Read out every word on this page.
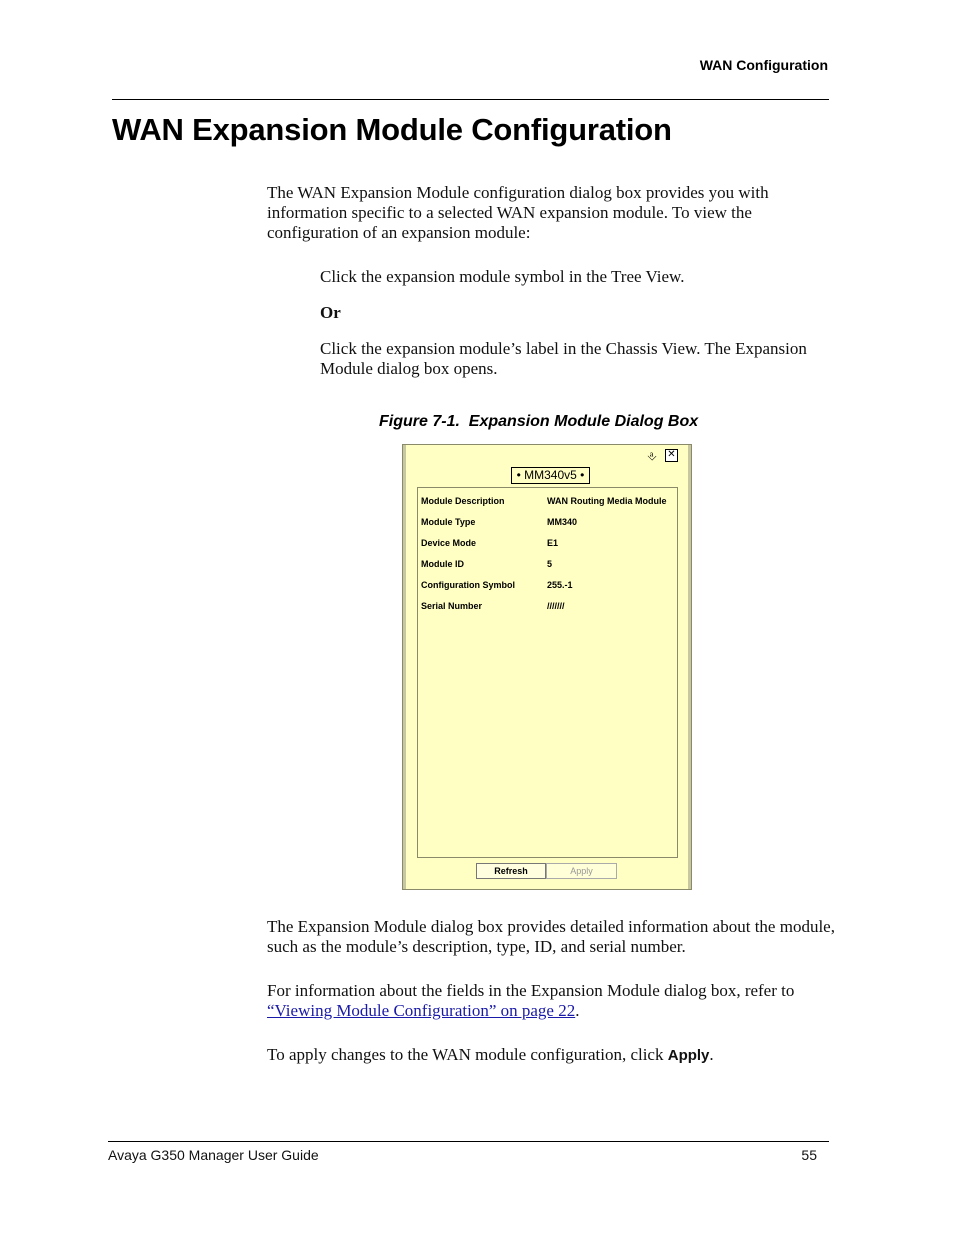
WAN Configuration
WAN Expansion Module Configuration

The WAN Expansion Module configuration dialog box provides you with information specific to a selected WAN expansion module. To view the configuration of an expansion module:

Click the expansion module symbol in the Tree View.

Or

Click the expansion module’s label in the Chassis View. The Expansion Module dialog box opens.

Figure 7-1.  Expansion Module Dialog Box
• MM340v5 •
⎀ ✕
Module Description	WAN Routing Media Module
Module Type	MM340
Device Mode	E1
Module ID	5
Configuration Symbol	255.-1
Serial Number	///////
Refresh	Apply

The Expansion Module dialog box provides detailed information about the module, such as the module’s description, type, ID, and serial number.

For information about the fields in the Expansion Module dialog box, refer to “Viewing Module Configuration” on page 22.

To apply changes to the WAN module configuration, click Apply.

Avaya G350 Manager User Guide	55
